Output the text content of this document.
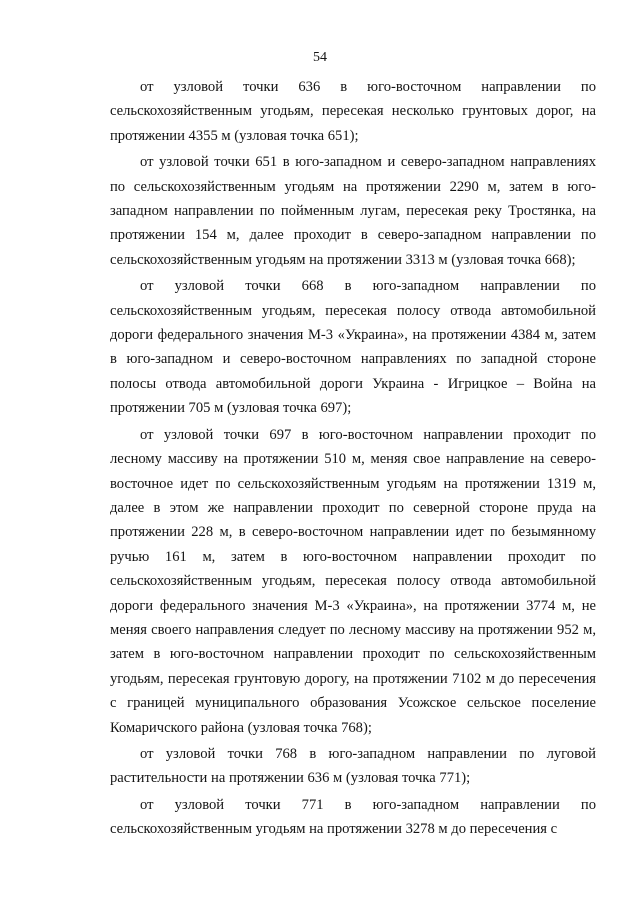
54

от узловой точки 636 в юго-восточном направлении по сельскохозяйственным угодьям, пересекая несколько грунтовых дорог, на протяжении 4355 м (узловая точка 651);

от узловой точки 651 в юго-западном и северо-западном направлениях по сельскохозяйственным угодьям на протяжении 2290 м, затем в юго-западном направлении по пойменным лугам, пересекая реку Тростянка, на протяжении 154 м, далее проходит в северо-западном направлении по сельскохозяйственным угодьям на протяжении 3313 м (узловая точка 668);

от узловой точки 668 в юго-западном направлении по сельскохозяйственным угодьям, пересекая полосу отвода автомобильной дороги федерального значения М-3 «Украина», на протяжении 4384 м, затем в юго-западном и северо-восточном направлениях по западной стороне полосы отвода автомобильной дороги Украина - Игрицкое – Война на протяжении 705 м (узловая точка 697);

от узловой точки 697 в юго-восточном направлении проходит по лесному массиву на протяжении 510 м, меняя свое направление на северо-восточное идет по сельскохозяйственным угодьям на протяжении 1319 м, далее в этом же направлении проходит по северной стороне пруда на протяжении 228 м, в северо-восточном направлении идет по безымянному ручью 161 м, затем в юго-восточном направлении проходит по сельскохозяйственным угодьям, пересекая полосу отвода автомобильной дороги федерального значения М-3 «Украина», на протяжении 3774 м, не меняя своего направления следует по лесному массиву на протяжении 952 м, затем в юго-восточном направлении проходит по сельскохозяйственным угодьям, пересекая грунтовую дорогу, на протяжении 7102 м до пересечения с границей муниципального образования Усожское сельское поселение Комаричского района (узловая точка 768);

от узловой точки 768 в юго-западном направлении по луговой растительности на протяжении 636 м (узловая точка 771);

от узловой точки 771 в юго-западном направлении по сельскохозяйственным угодьям на протяжении 3278 м до пересечения с
